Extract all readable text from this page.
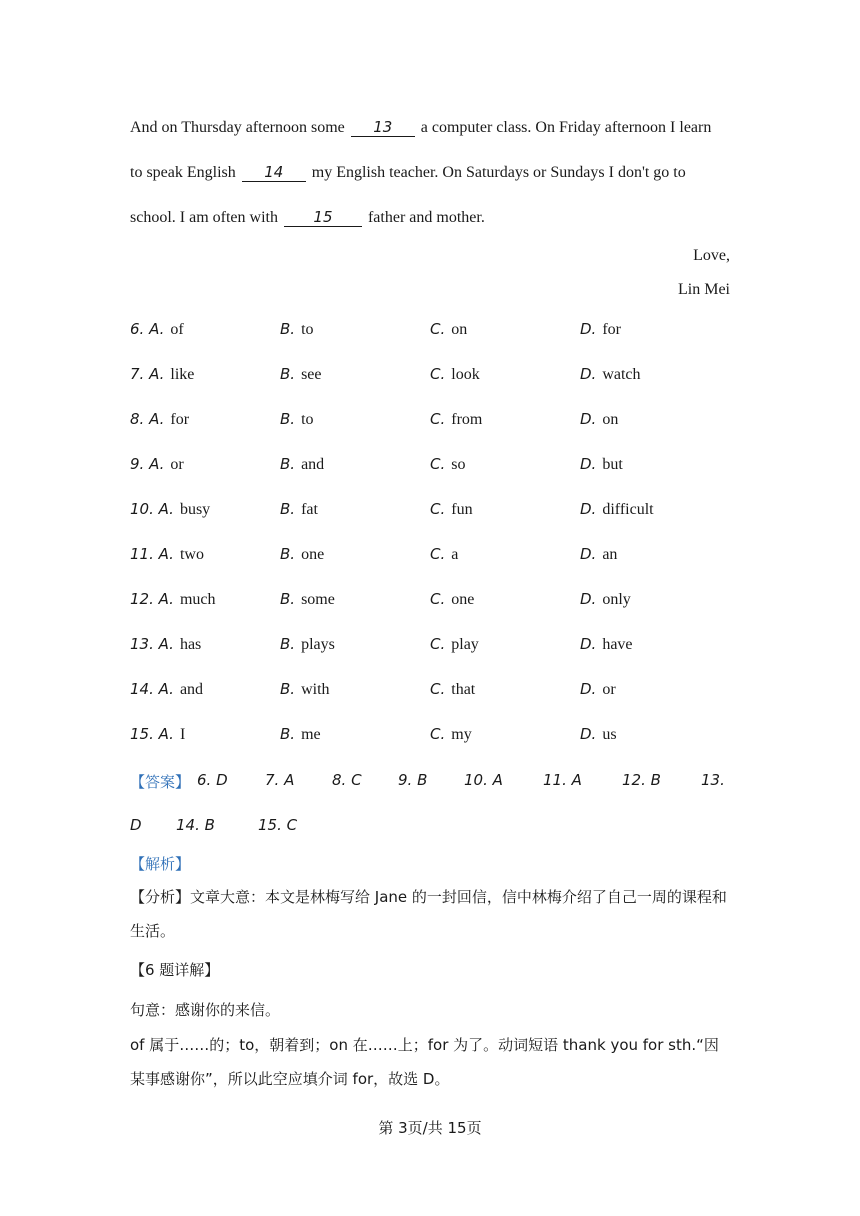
And on Thursday afternoon some 13 a computer class. On Friday afternoon I learn
to speak English 14 my English teacher. On Saturdays or Sundays I don't go to
school. I am often with 15 father and mother.
Love,
Lin Mei
6. A. of	B. to	C. on	D. for
7. A. like	B. see	C. look	D. watch
8. A. for	B. to	C. from	D. on
9. A. or	B. and	C. so	D. but
10. A. busy	B. fat	C. fun	D. difficult
11. A. two	B. one	C. a	D. an
12. A. much	B. some	C. one	D. only
13. A. has	B. plays	C. play	D. have
14. A. and	B. with	C. that	D. or
15. A. I	B. me	C. my	D. us
【答案】 6. D 7. A	8. C 9. B 10. A	11. A	12. B	13.
D 14. B	15. C
【解析】
【分析】文章大意：本文是林梅写给 Jane 的一封回信，信中林梅介绍了自己一周的课程和生活。
【6 题详解】
句意：感谢你的来信。
of 属于……的；to，朝着到；on 在……上；for 为了。动词短语 thank you for sth.“因某事感谢你”，所以此空应填介词 for，故选 D。
第 3页/共 15页
